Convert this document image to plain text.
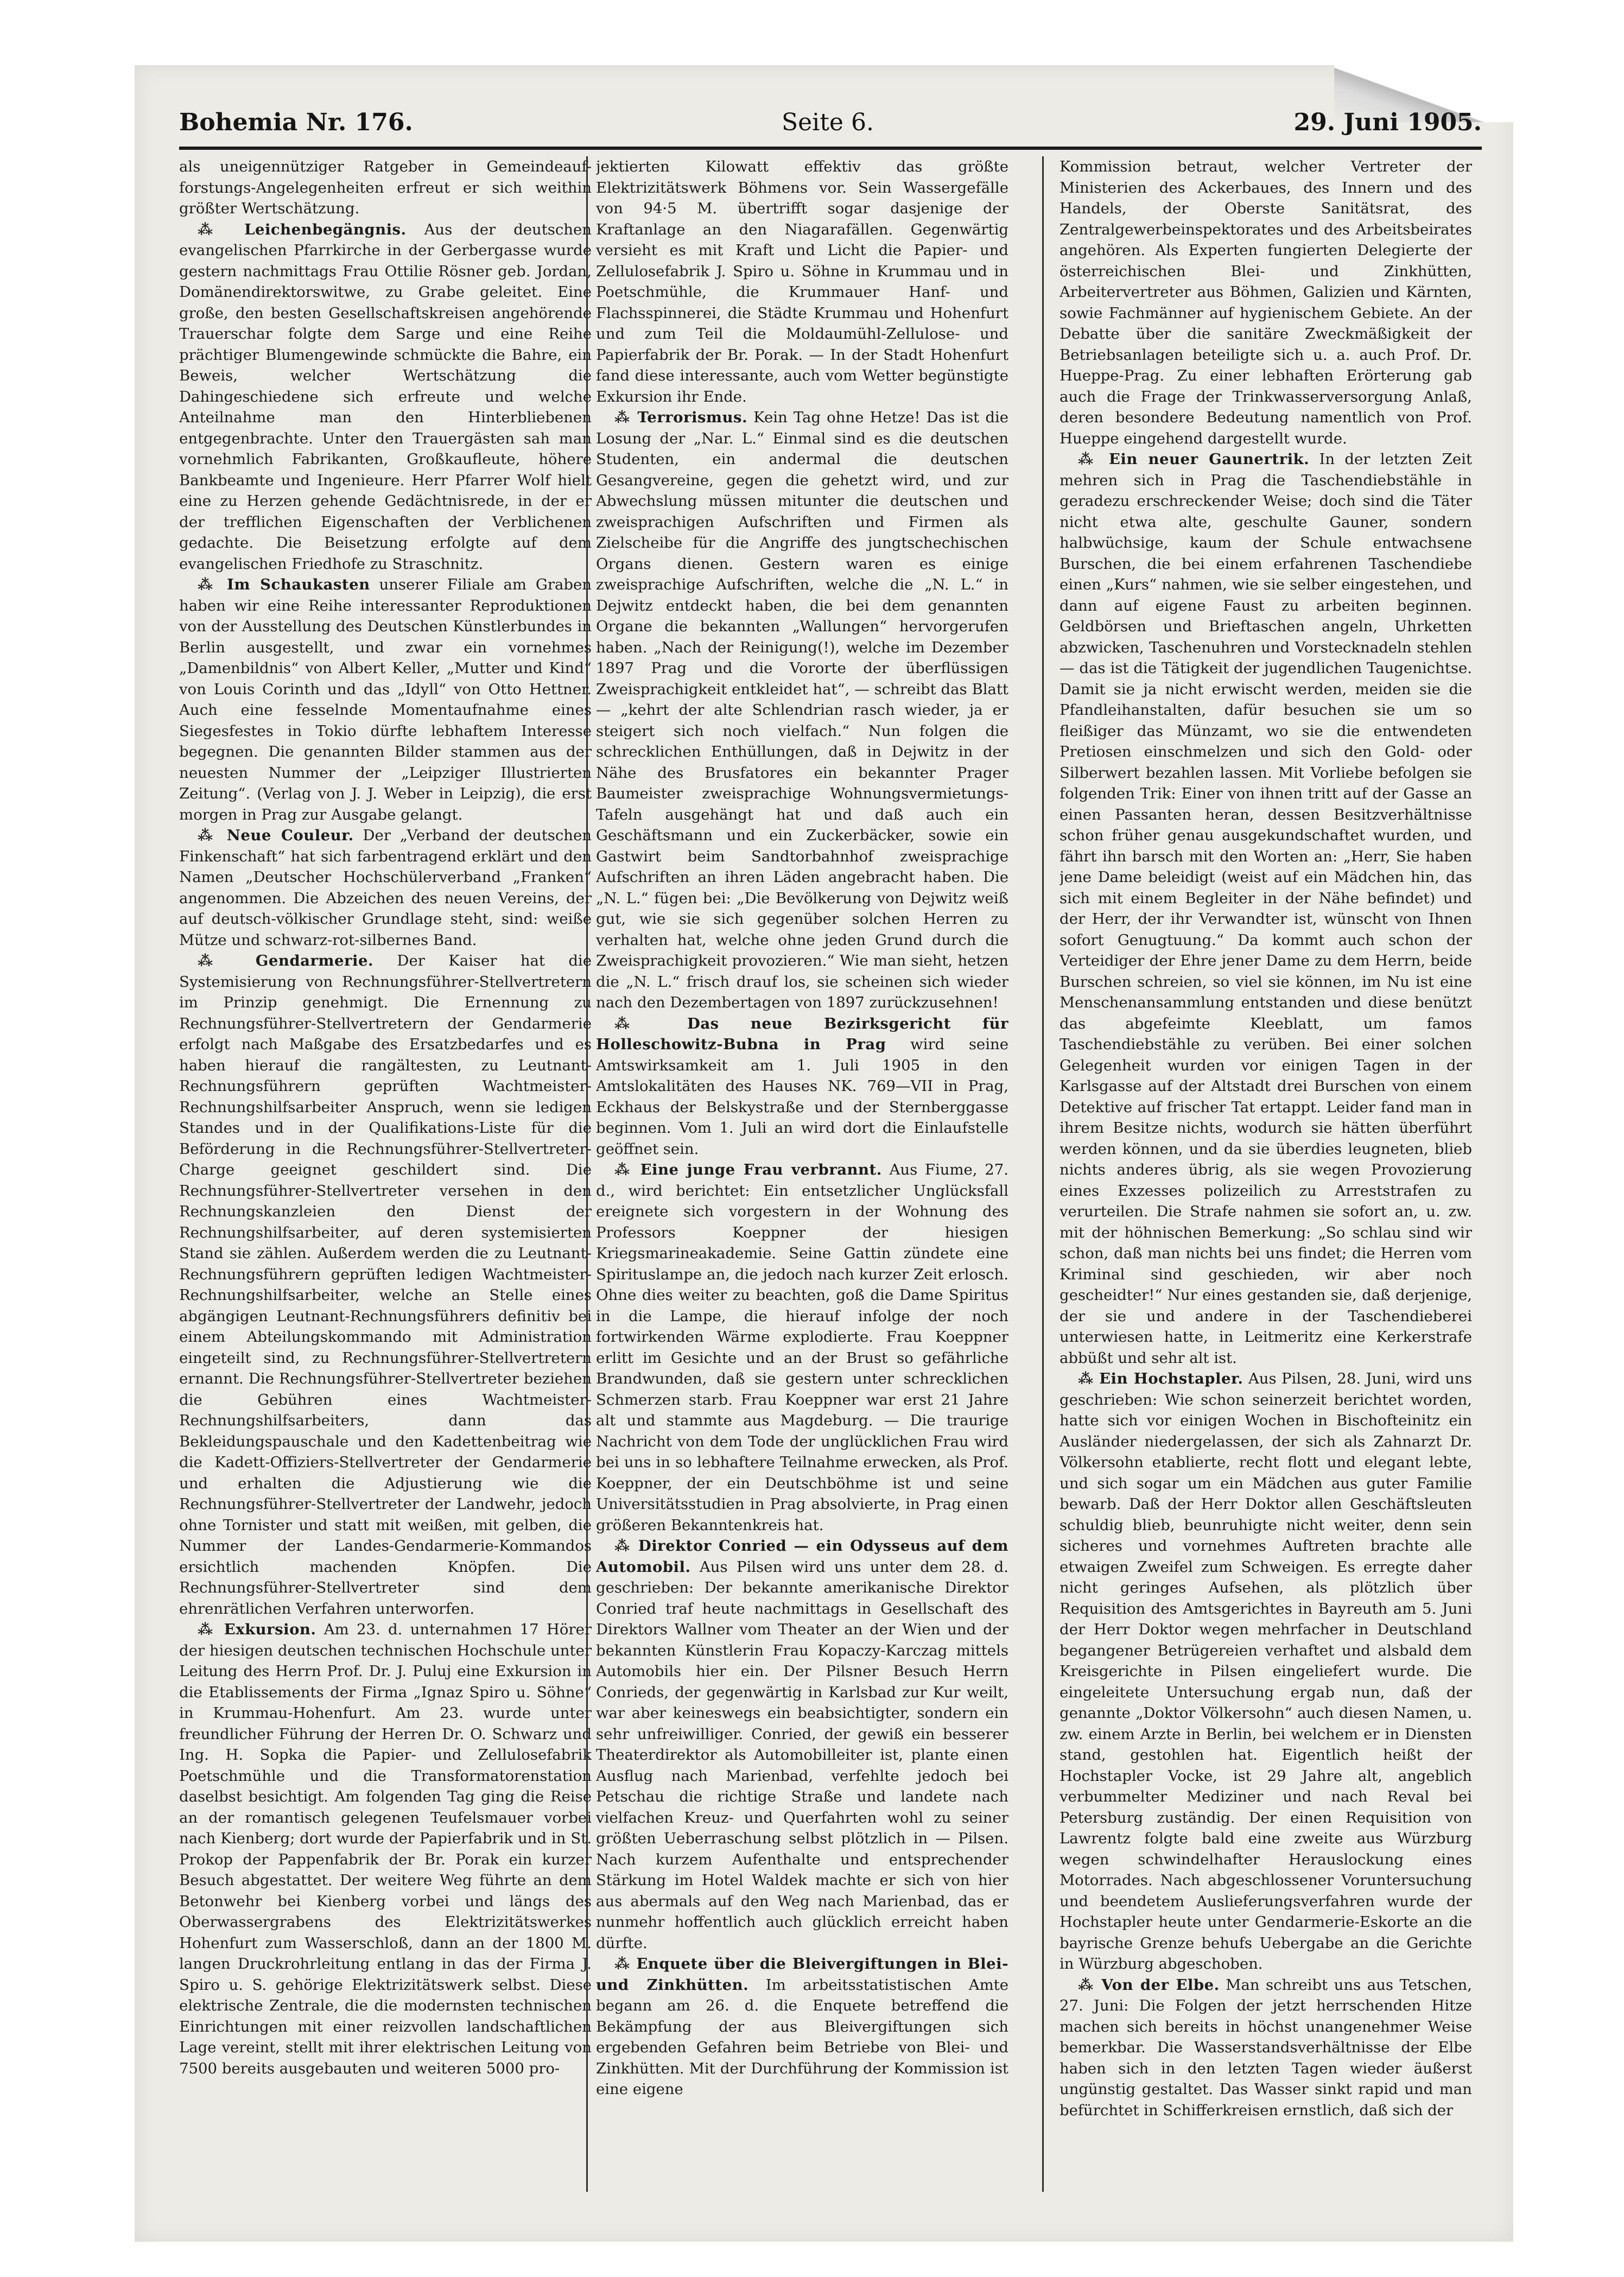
Bohemia Nr. 176.	Seite 6.	29. Juni 1905.

als uneigennütziger Ratgeber in Gemeindeauf-forstungs-Angelegenheiten erfreut er sich weithin größter Wertschätzung.

⁂ Leichenbegängnis. Aus der deutschen evangelischen Pfarrkirche in der Gerbergasse wurde gestern nachmittags Frau Ottilie Rösner geb. Jordan, Domänendirektorswitwe, zu Grabe geleitet. Eine große, den besten Gesellschaftskreisen angehörende Trauerschar folgte dem Sarge und eine Reihe prächtiger Blumengewinde schmückte die Bahre, ein Beweis, welcher Wertschätzung die Dahingeschiedene sich erfreute und welche Anteilnahme man den Hinterbliebenen entgegenbrachte. Unter den Trauergästen sah man vornehmlich Fabrikanten, Großkaufleute, höhere Bankbeamte und Ingenieure. Herr Pfarrer Wolf hielt eine zu Herzen gehende Gedächtnisrede, in der er der trefflichen Eigenschaften der Verblichenen gedachte. Die Beisetzung erfolgte auf dem evangelischen Friedhofe zu Straschnitz.

⁂ Im Schaukasten unserer Filiale am Graben haben wir eine Reihe interessanter Reproduktionen von der Ausstellung des Deutschen Künstlerbundes in Berlin ausgestellt, und zwar ein vornehmes „Damenbildnis“ von Albert Keller, „Mutter und Kind“ von Louis Corinth und das „Idyll“ von Otto Hettner. Auch eine fesselnde Momentaufnahme eines Siegesfestes in Tokio dürfte lebhaftem Interesse begegnen. Die genannten Bilder stammen aus der neuesten Nummer der „Leipziger Illustrierten Zeitung“. (Verlag von J. J. Weber in Leipzig), die erst morgen in Prag zur Ausgabe gelangt.

⁂ Neue Couleur. Der „Verband der deutschen Finkenschaft“ hat sich farbentragend erklärt und den Namen „Deutscher Hochschülerverband „Franken“ angenommen. Die Abzeichen des neuen Vereins, der auf deutsch-völkischer Grundlage steht, sind: weiße Mütze und schwarz-rot-silbernes Band.

⁂ Gendarmerie. Der Kaiser hat die Systemisierung von Rechnungsführer-Stellvertretern im Prinzip genehmigt. Die Ernennung zu Rechnungsführer-Stellvertretern der Gendarmerie erfolgt nach Maßgabe des Ersatzbedarfes und es haben hierauf die rangältesten, zu Leutnant-Rechnungsführern geprüften Wachtmeister-Rechnungshilfsarbeiter Anspruch, wenn sie ledigen Standes und in der Qualifikations-Liste für die Beförderung in die Rechnungsführer-Stellvertreter-Charge geeignet geschildert sind. Die Rechnungsführer-Stellvertreter versehen in den Rechnungskanzleien den Dienst der Rechnungshilfsarbeiter, auf deren systemisierten Stand sie zählen. Außerdem werden die zu Leutnant-Rechnungsführern geprüften ledigen Wachtmeister-Rechnungshilfsarbeiter, welche an Stelle eines abgängigen Leutnant-Rechnungsführers definitiv bei einem Abteilungskommando mit Administration eingeteilt sind, zu Rechnungsführer-Stellvertretern ernannt. Die Rechnungsführer-Stellvertreter beziehen die Gebühren eines Wachtmeister-Rechnungshilfsarbeiters, dann das Bekleidungspauschale und den Kadettenbeitrag wie die Kadett-Offiziers-Stellvertreter der Gendarmerie und erhalten die Adjustierung wie die Rechnungsführer-Stellvertreter der Landwehr, jedoch ohne Tornister und statt mit weißen, mit gelben, die Nummer der Landes-Gendarmerie-Kommandos ersichtlich machenden Knöpfen. Die Rechnungsführer-Stellvertreter sind dem ehrenrätlichen Verfahren unterworfen.

⁂ Exkursion. Am 23. d. unternahmen 17 Hörer der hiesigen deutschen technischen Hochschule unter Leitung des Herrn Prof. Dr. J. Puluj eine Exkursion in die Etablissements der Firma „Ignaz Spiro u. Söhne“ in Krummau-Hohenfurt. Am 23. wurde unter freundlicher Führung der Herren Dr. O. Schwarz und Ing. H. Sopka die Papier- und Zellulosefabrik Poetschmühle und die Transformatorenstation daselbst besichtigt. Am folgenden Tag ging die Reise an der romantisch gelegenen Teufelsmauer vorbei nach Kienberg; dort wurde der Papierfabrik und in St. Prokop der Pappenfabrik der Br. Porak ein kurzer Besuch abgestattet. Der weitere Weg führte an dem Betonwehr bei Kienberg vorbei und längs des Oberwassergrabens des Elektrizitätswerkes Hohenfurt zum Wasserschloß, dann an der 1800 M. langen Druckrohrleitung entlang in das der Firma J. Spiro u. S. gehörige Elektrizitätswerk selbst. Diese elektrische Zentrale, die die modernsten technischen Einrichtungen mit einer reizvollen landschaftlichen Lage vereint, stellt mit ihrer elektrischen Leitung von 7500 bereits ausgebauten und weiteren 5000 pro-

jektierten Kilowatt effektiv das größte Elektrizitätswerk Böhmens vor. Sein Wassergefälle von 94·5 M. übertrifft sogar dasjenige der Kraftanlage an den Niagarafällen. Gegenwärtig versieht es mit Kraft und Licht die Papier- und Zellulosefabrik J. Spiro u. Söhne in Krummau und in Poetschmühle, die Krummauer Hanf- und Flachsspinnerei, die Städte Krummau und Hohenfurt und zum Teil die Moldaumühl-Zellulose- und Papierfabrik der Br. Porak. — In der Stadt Hohenfurt fand diese interessante, auch vom Wetter begünstigte Exkursion ihr Ende.

⁂ Terrorismus. Kein Tag ohne Hetze! Das ist die Losung der „Nar. L.“ Einmal sind es die deutschen Studenten, ein andermal die deutschen Gesangvereine, gegen die gehetzt wird, und zur Abwechslung müssen mitunter die deutschen und zweisprachigen Aufschriften und Firmen als Zielscheibe für die Angriffe des jungtschechischen Organs dienen. Gestern waren es einige zweisprachige Aufschriften, welche die „N. L.“ in Dejwitz entdeckt haben, die bei dem genannten Organe die bekannten „Wallungen“ hervorgerufen haben. „Nach der Reinigung(!), welche im Dezember 1897 Prag und die Vororte der überflüssigen Zweisprachigkeit entkleidet hat“, — schreibt das Blatt — „kehrt der alte Schlendrian rasch wieder, ja er steigert sich noch vielfach.“ Nun folgen die schrecklichen Enthüllungen, daß in Dejwitz in der Nähe des Brusfatores ein bekannter Prager Baumeister zweisprachige Wohnungsvermietungs-Tafeln ausgehängt hat und daß auch ein Geschäftsmann und ein Zuckerbäcker, sowie ein Gastwirt beim Sandtorbahnhof zweisprachige Aufschriften an ihren Läden angebracht haben. Die „N. L.“ fügen bei: „Die Bevölkerung von Dejwitz weiß gut, wie sie sich gegenüber solchen Herren zu verhalten hat, welche ohne jeden Grund durch die Zweisprachigkeit provozieren.“ Wie man sieht, hetzen die „N. L.“ frisch drauf los, sie scheinen sich wieder nach den Dezembertagen von 1897 zurückzusehnen!

⁂ Das neue Bezirksgericht für Holleschowitz-Bubna in Prag wird seine Amtswirksamkeit am 1. Juli 1905 in den Amtslokalitäten des Hauses NK. 769—VII in Prag, Eckhaus der Belskystraße und der Sternberggasse beginnen. Vom 1. Juli an wird dort die Einlaufstelle geöffnet sein.

⁂ Eine junge Frau verbrannt. Aus Fiume, 27. d., wird berichtet: Ein entsetzlicher Unglücksfall ereignete sich vorgestern in der Wohnung des Professors Koeppner der hiesigen Kriegsmarineakademie. Seine Gattin zündete eine Spirituslampe an, die jedoch nach kurzer Zeit erlosch. Ohne dies weiter zu beachten, goß die Dame Spiritus in die Lampe, die hierauf infolge der noch fortwirkenden Wärme explodierte. Frau Koeppner erlitt im Gesichte und an der Brust so gefährliche Brandwunden, daß sie gestern unter schrecklichen Schmerzen starb. Frau Koeppner war erst 21 Jahre alt und stammte aus Magdeburg. — Die traurige Nachricht von dem Tode der unglücklichen Frau wird bei uns in so lebhaftere Teilnahme erwecken, als Prof. Koeppner, der ein Deutschböhme ist und seine Universitätsstudien in Prag absolvierte, in Prag einen größeren Bekanntenkreis hat.

⁂ Direktor Conried — ein Odysseus auf dem Automobil. Aus Pilsen wird uns unter dem 28. d. geschrieben: Der bekannte amerikanische Direktor Conried traf heute nachmittags in Gesellschaft des Direktors Wallner vom Theater an der Wien und der bekannten Künstlerin Frau Kopaczy-Karczag mittels Automobils hier ein. Der Pilsner Besuch Herrn Conrieds, der gegenwärtig in Karlsbad zur Kur weilt, war aber keineswegs ein beabsichtigter, sondern ein sehr unfreiwilliger. Conried, der gewiß ein besserer Theaterdirektor als Automobilleiter ist, plante einen Ausflug nach Marienbad, verfehlte jedoch bei Petschau die richtige Straße und landete nach vielfachen Kreuz- und Querfahrten wohl zu seiner größten Ueberraschung selbst plötzlich in — Pilsen. Nach kurzem Aufenthalte und entsprechender Stärkung im Hotel Waldek machte er sich von hier aus abermals auf den Weg nach Marienbad, das er nunmehr hoffentlich auch glücklich erreicht haben dürfte.

⁂ Enquete über die Bleivergiftungen in Blei- und Zinkhütten. Im arbeitsstatistischen Amte begann am 26. d. die Enquete betreffend die Bekämpfung der aus Bleivergiftungen sich ergebenden Gefahren beim Betriebe von Blei- und Zinkhütten. Mit der Durchführung der Kommission ist eine eigene

Kommission betraut, welcher Vertreter der Ministerien des Ackerbaues, des Innern und des Handels, der Oberste Sanitätsrat, des Zentralgewerbeinspektorates und des Arbeitsbeirates angehören. Als Experten fungierten Delegierte der österreichischen Blei- und Zinkhütten, Arbeitervertreter aus Böhmen, Galizien und Kärnten, sowie Fachmänner auf hygienischem Gebiete. An der Debatte über die sanitäre Zweckmäßigkeit der Betriebsanlagen beteiligte sich u. a. auch Prof. Dr. Hueppe-Prag. Zu einer lebhaften Erörterung gab auch die Frage der Trinkwasserversorgung Anlaß, deren besondere Bedeutung namentlich von Prof. Hueppe eingehend dargestellt wurde.

⁂ Ein neuer Gaunertrik. In der letzten Zeit mehren sich in Prag die Taschendiebstähle in geradezu erschreckender Weise; doch sind die Täter nicht etwa alte, geschulte Gauner, sondern halbwüchsige, kaum der Schule entwachsene Burschen, die bei einem erfahrenen Taschendiebe einen „Kurs“ nahmen, wie sie selber eingestehen, und dann auf eigene Faust zu arbeiten beginnen. Geldbörsen und Brieftaschen angeln, Uhrketten abzwicken, Taschenuhren und Vorstecknadeln stehlen — das ist die Tätigkeit der jugendlichen Taugenichtse. Damit sie ja nicht erwischt werden, meiden sie die Pfandleihanstalten, dafür besuchen sie um so fleißiger das Münzamt, wo sie die entwendeten Pretiosen einschmelzen und sich den Gold- oder Silberwert bezahlen lassen. Mit Vorliebe befolgen sie folgenden Trik: Einer von ihnen tritt auf der Gasse an einen Passanten heran, dessen Besitzverhältnisse schon früher genau ausgekundschaftet wurden, und fährt ihn barsch mit den Worten an: „Herr, Sie haben jene Dame beleidigt (weist auf ein Mädchen hin, das sich mit einem Begleiter in der Nähe befindet) und der Herr, der ihr Verwandter ist, wünscht von Ihnen sofort Genugtuung.“ Da kommt auch schon der Verteidiger der Ehre jener Dame zu dem Herrn, beide Burschen schreien, so viel sie können, im Nu ist eine Menschenansammlung entstanden und diese benützt das abgefeimte Kleeblatt, um famos Taschendiebstähle zu verüben. Bei einer solchen Gelegenheit wurden vor einigen Tagen in der Karlsgasse auf der Altstadt drei Burschen von einem Detektive auf frischer Tat ertappt. Leider fand man in ihrem Besitze nichts, wodurch sie hätten überführt werden können, und da sie überdies leugneten, blieb nichts anderes übrig, als sie wegen Provozierung eines Exzesses polizeilich zu Arreststrafen zu verurteilen. Die Strafe nahmen sie sofort an, u. zw. mit der höhnischen Bemerkung: „So schlau sind wir schon, daß man nichts bei uns findet; die Herren vom Kriminal sind geschieden, wir aber noch gescheidter!“ Nur eines gestanden sie, daß derjenige, der sie und andere in der Taschendieberei unterwiesen hatte, in Leitmeritz eine Kerkerstrafe abbüßt und sehr alt ist.

⁂ Ein Hochstapler. Aus Pilsen, 28. Juni, wird uns geschrieben: Wie schon seinerzeit berichtet worden, hatte sich vor einigen Wochen in Bischofteinitz ein Ausländer niedergelassen, der sich als Zahnarzt Dr. Völkersohn etablierte, recht flott und elegant lebte, und sich sogar um ein Mädchen aus guter Familie bewarb. Daß der Herr Doktor allen Geschäftsleuten schuldig blieb, beunruhigte nicht weiter, denn sein sicheres und vornehmes Auftreten brachte alle etwaigen Zweifel zum Schweigen. Es erregte daher nicht geringes Aufsehen, als plötzlich über Requisition des Amtsgerichtes in Bayreuth am 5. Juni der Herr Doktor wegen mehrfacher in Deutschland begangener Betrügereien verhaftet und alsbald dem Kreisgerichte in Pilsen eingeliefert wurde. Die eingeleitete Untersuchung ergab nun, daß der genannte „Doktor Völkersohn“ auch diesen Namen, u. zw. einem Arzte in Berlin, bei welchem er in Diensten stand, gestohlen hat. Eigentlich heißt der Hochstapler Vocke, ist 29 Jahre alt, angeblich verbummelter Mediziner und nach Reval bei Petersburg zuständig. Der einen Requisition von Lawrentz folgte bald eine zweite aus Würzburg wegen schwindelhafter Herauslockung eines Motorrades. Nach abgeschlossener Voruntersuchung und beendetem Auslieferungsverfahren wurde der Hochstapler heute unter Gendarmerie-Eskorte an die bayrische Grenze behufs Uebergabe an die Gerichte in Würzburg abgeschoben.

⁂ Von der Elbe. Man schreibt uns aus Tetschen, 27. Juni: Die Folgen der jetzt herrschenden Hitze machen sich bereits in höchst unangenehmer Weise bemerkbar. Die Wasserstandsverhältnisse der Elbe haben sich in den letzten Tagen wieder äußerst ungünstig gestaltet. Das Wasser sinkt rapid und man befürchtet in Schifferkreisen ernstlich, daß sich der
